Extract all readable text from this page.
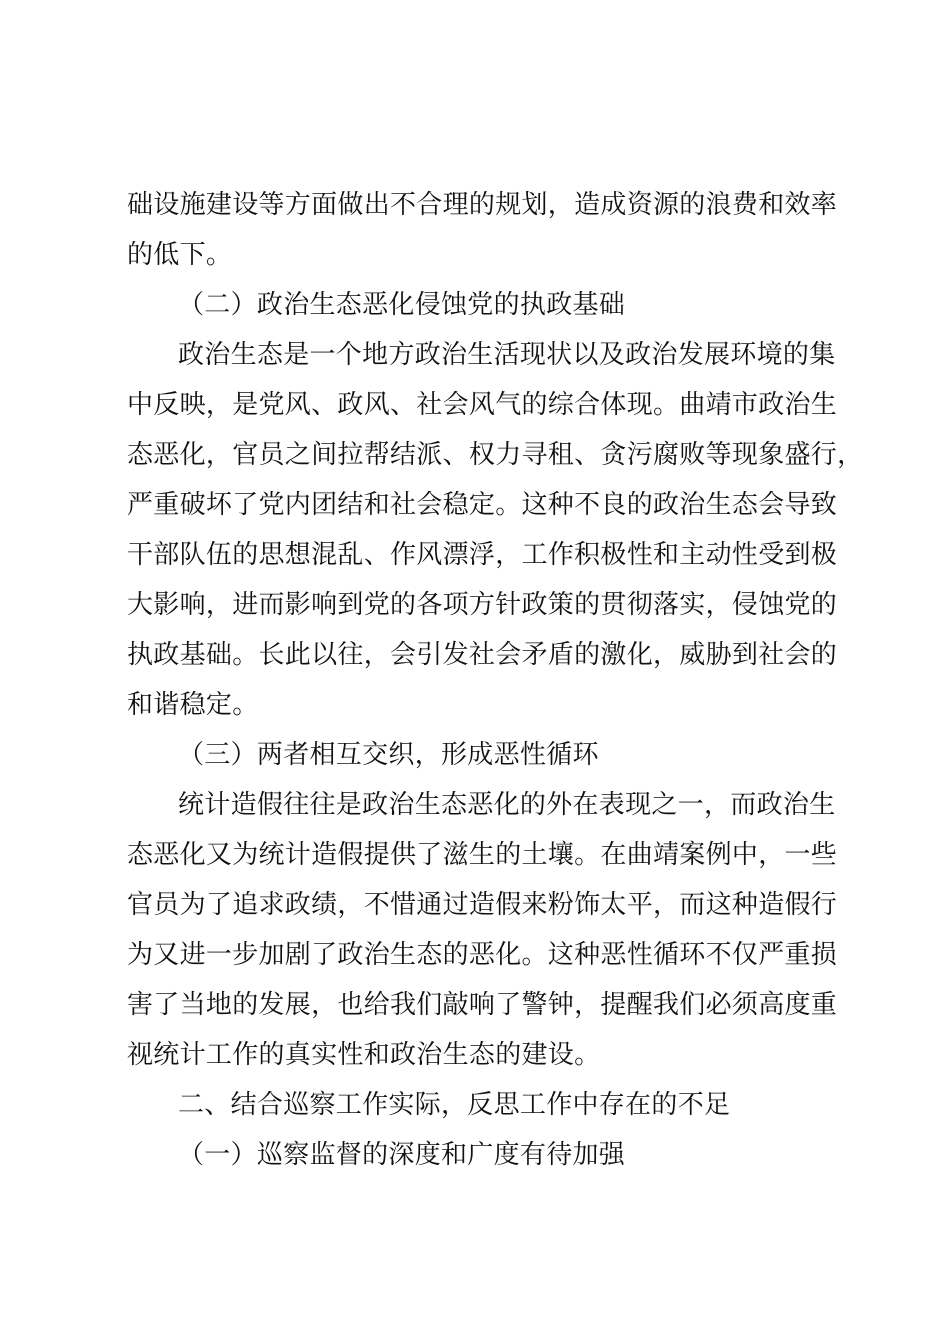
础设施建设等方面做出不合理的规划，造成资源的浪费和效率
的低下。
（二）政治生态恶化侵蚀党的执政基础
政治生态是一个地方政治生活现状以及政治发展环境的集
中反映，是党风、政风、社会风气的综合体现。曲靖市政治生
态恶化，官员之间拉帮结派、权力寻租、贪污腐败等现象盛行，
严重破坏了党内团结和社会稳定。这种不良的政治生态会导致
干部队伍的思想混乱、作风漂浮，工作积极性和主动性受到极
大影响，进而影响到党的各项方针政策的贯彻落实，侵蚀党的
执政基础。长此以往，会引发社会矛盾的激化，威胁到社会的
和谐稳定。
（三）两者相互交织，形成恶性循环
统计造假往往是政治生态恶化的外在表现之一，而政治生
态恶化又为统计造假提供了滋生的土壤。在曲靖案例中，一些
官员为了追求政绩，不惜通过造假来粉饰太平，而这种造假行
为又进一步加剧了政治生态的恶化。这种恶性循环不仅严重损
害了当地的发展，也给我们敲响了警钟，提醒我们必须高度重
视统计工作的真实性和政治生态的建设。
二、结合巡察工作实际，反思工作中存在的不足
（一）巡察监督的深度和广度有待加强
